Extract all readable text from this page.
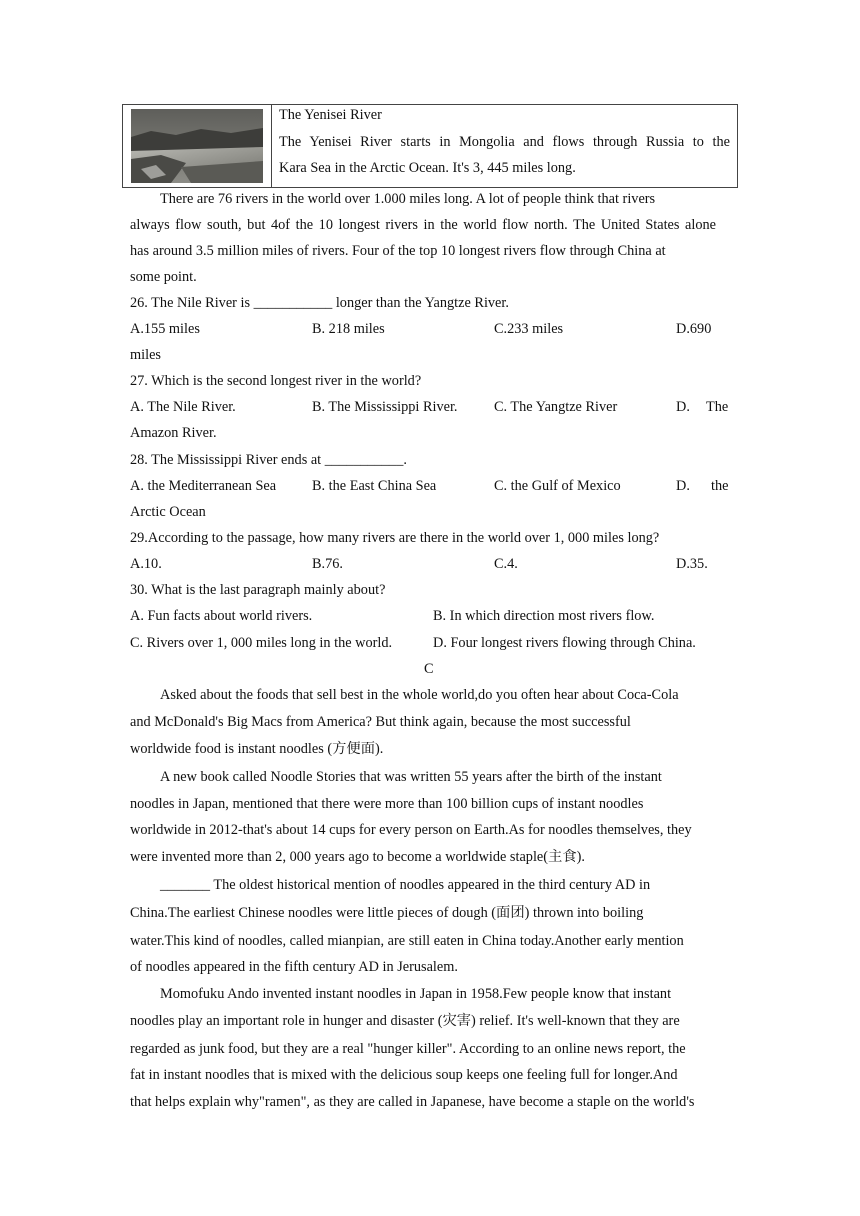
The Yenisei River
The Yenisei River starts in Mongolia and flows through Russia to the
Kara Sea in the Arctic Ocean. It's 3, 445 miles long.
There are 76 rivers in the world over 1.000 miles long. A lot of people think that rivers
always flow south, but 4of the 10 longest rivers in the world flow north. The United States alone
has around 3.5 million miles of rivers. Four of the top 10 longest rivers flow through China at
some point.
26. The Nile River is ___________ longer than the Yangtze River.
A.155 miles	B. 218 miles	C.233 miles	D.690
miles
27. Which is the second longest river in the world?
A. The Nile River.	B. The Mississippi River.	C. The Yangtze River	D. The
Amazon River.
28. The Mississippi River ends at ___________.
A. the Mediterranean Sea	B. the East China Sea	C. the Gulf of Mexico	D. the
Arctic Ocean
29.According to the passage, how many rivers are there in the world over 1, 000 miles long?
A.10.	B.76.	C.4.	D.35.
30. What is the last paragraph mainly about?
A. Fun facts about world rivers.	B. In which direction most rivers flow.
C. Rivers over 1, 000 miles long in the world.	D. Four longest rivers flowing through China.
C
Asked about the foods that sell best in the whole world,do you often hear about Coca-Cola
and McDonald's Big Macs from America? But think again, because the most successful
worldwide food is instant noodles (方便面).
A new book called Noodle Stories that was written 55 years after the birth of the instant
noodles in Japan, mentioned that there were more than 100 billion cups of instant noodles
worldwide in 2012-that's about 14 cups for every person on Earth.As for noodles themselves, they
were invented more than 2, 000 years ago to become a worldwide staple(主食).
_______ The oldest historical mention of noodles appeared in the third century AD in
China.The earliest Chinese noodles were little pieces of dough (面团) thrown into boiling
water.This kind of noodles, called mianpian, are still eaten in China today.Another early mention
of noodles appeared in the fifth century AD in Jerusalem.
Momofuku Ando invented instant noodles in Japan in 1958.Few people know that instant
noodles play an important role in hunger and disaster (灾害) relief. It's well-known that they are
regarded as junk food, but they are a real "hunger killer". According to an online news report, the
fat in instant noodles that is mixed with the delicious soup keeps one feeling full for longer.And
that helps explain why"ramen", as they are called in Japanese, have become a staple on the world's
